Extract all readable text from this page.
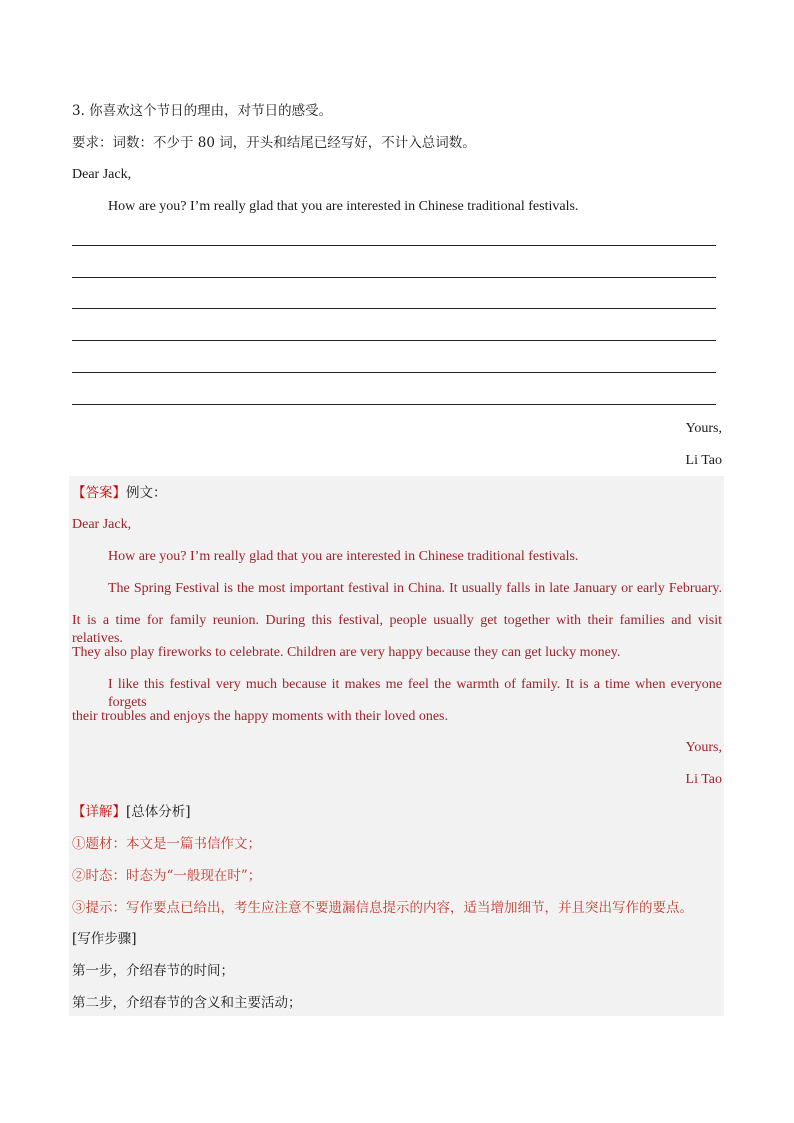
3. 你喜欢这个节日的理由，对节日的感受。
要求：词数：不少于 80 词，开头和结尾已经写好，不计入总词数。
Dear Jack,
How are you? I’m really glad that you are interested in Chinese traditional festivals.
Yours,
Li Tao
【答案】例文：
Dear Jack,
How are you? I’m really glad that you are interested in Chinese traditional festivals.
The Spring Festival is the most important festival in China. It usually falls in late January or early February.
It is a time for family reunion. During this festival, people usually get together with their families and visit relatives.
They also play fireworks to celebrate. Children are very happy because they can get lucky money.
I like this festival very much because it makes me feel the warmth of family. It is a time when everyone forgets
their troubles and enjoys the happy moments with their loved ones.
Yours,
Li Tao
【详解】[总体分析]
①题材：本文是一篇书信作文；
②时态：时态为“一般现在时”；
③提示：写作要点已给出，考生应注意不要遗漏信息提示的内容，适当增加细节，并且突出写作的要点。
[写作步骤]
第一步，介绍春节的时间；
第二步，介绍春节的含义和主要活动；
